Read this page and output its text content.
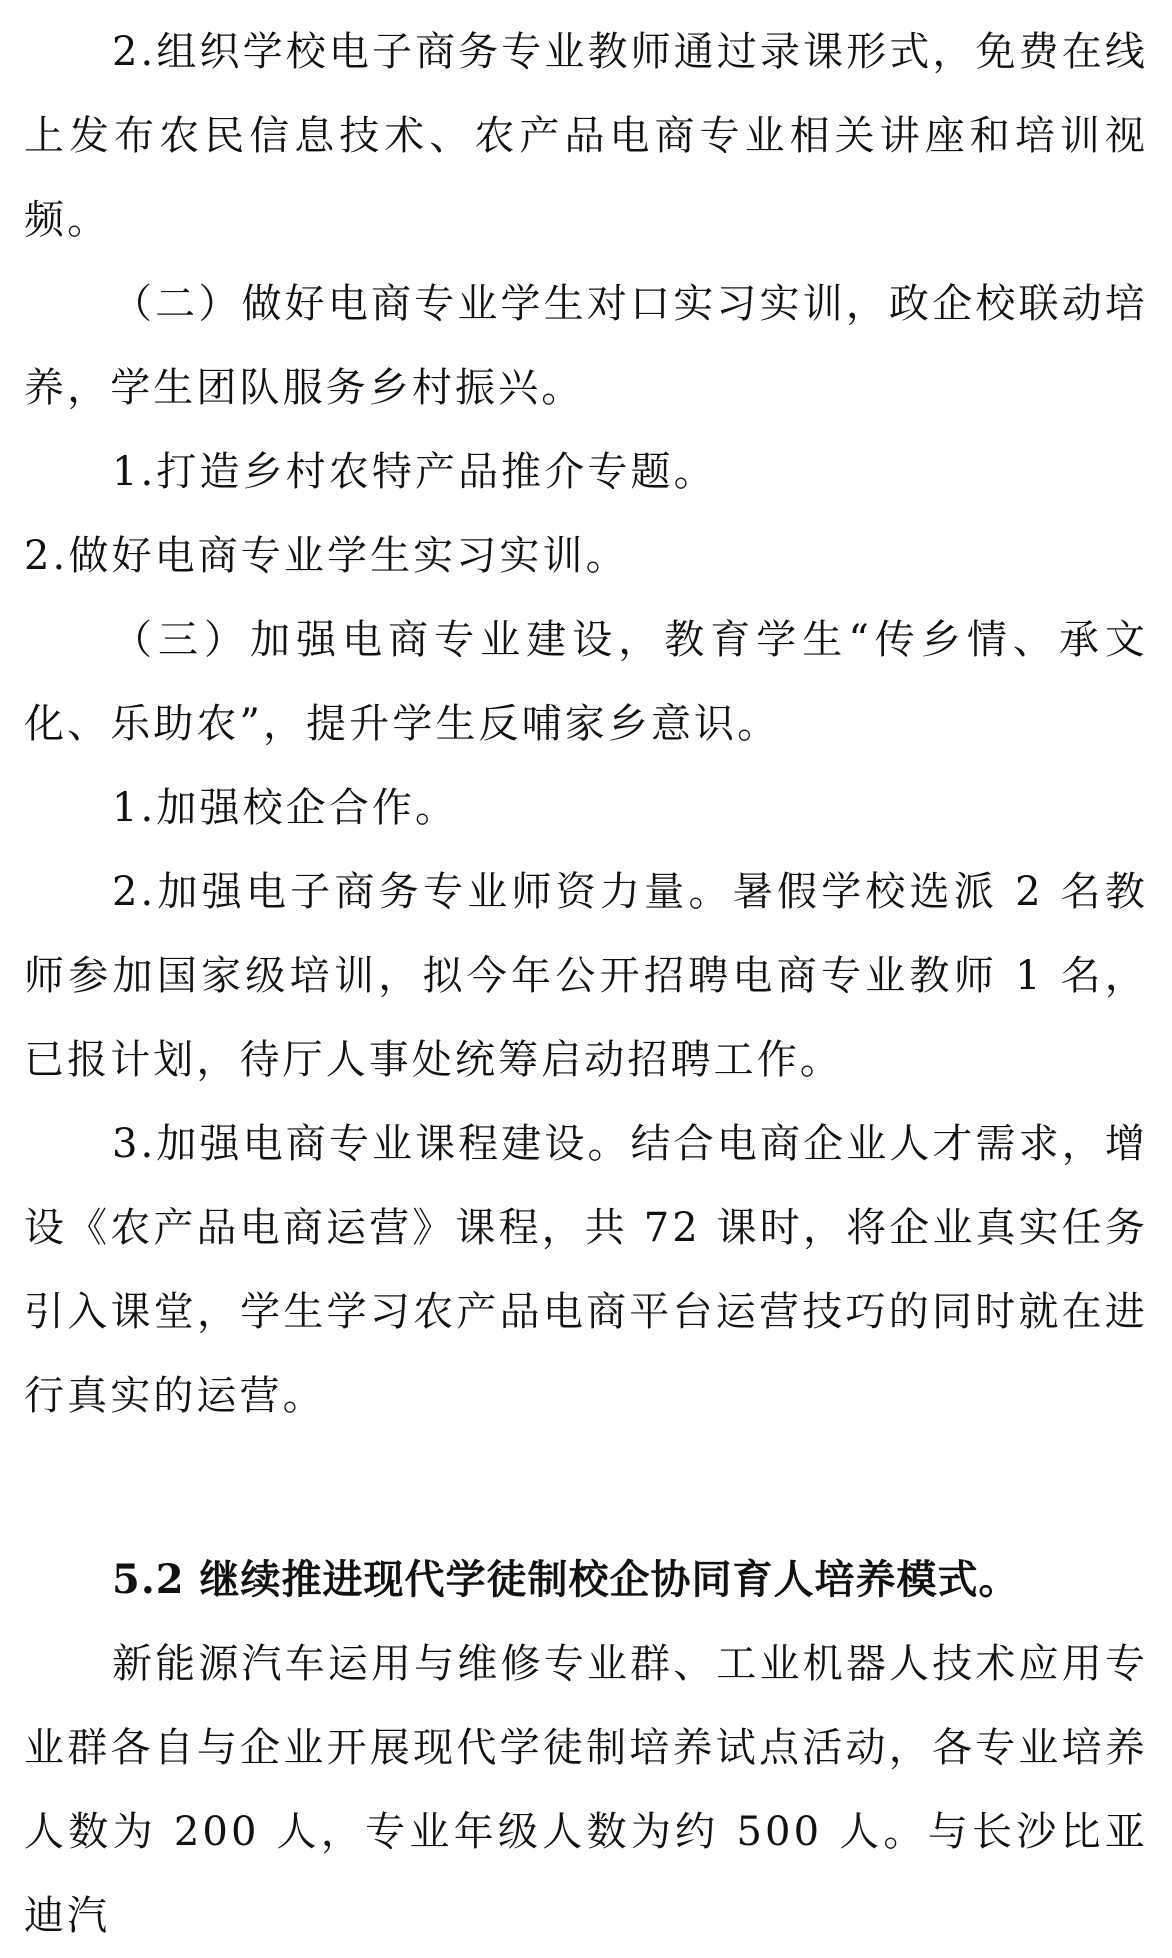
2.组织学校电子商务专业教师通过录课形式，免费在线上发布农民信息技术、农产品电商专业相关讲座和培训视频。

（二）做好电商专业学生对口实习实训，政企校联动培养，学生团队服务乡村振兴。

1.打造乡村农特产品推介专题。

2.做好电商专业学生实习实训。

（三）加强电商专业建设，教育学生“传乡情、承文化、乐助农”，提升学生反哺家乡意识。

1.加强校企合作。

2.加强电子商务专业师资力量。暑假学校选派 2 名教师参加国家级培训，拟今年公开招聘电商专业教师 1 名，已报计划，待厅人事处统筹启动招聘工作。

3.加强电商专业课程建设。结合电商企业人才需求，增设《农产品电商运营》课程，共 72 课时，将企业真实任务引入课堂，学生学习农产品电商平台运营技巧的同时就在进行真实的运营。

5.2 继续推进现代学徒制校企协同育人培养模式。

新能源汽车运用与维修专业群、工业机器人技术应用专业群各自与企业开展现代学徒制培养试点活动，各专业培养人数为 200 人，专业年级人数为约 500 人。与长沙比亚迪汽
